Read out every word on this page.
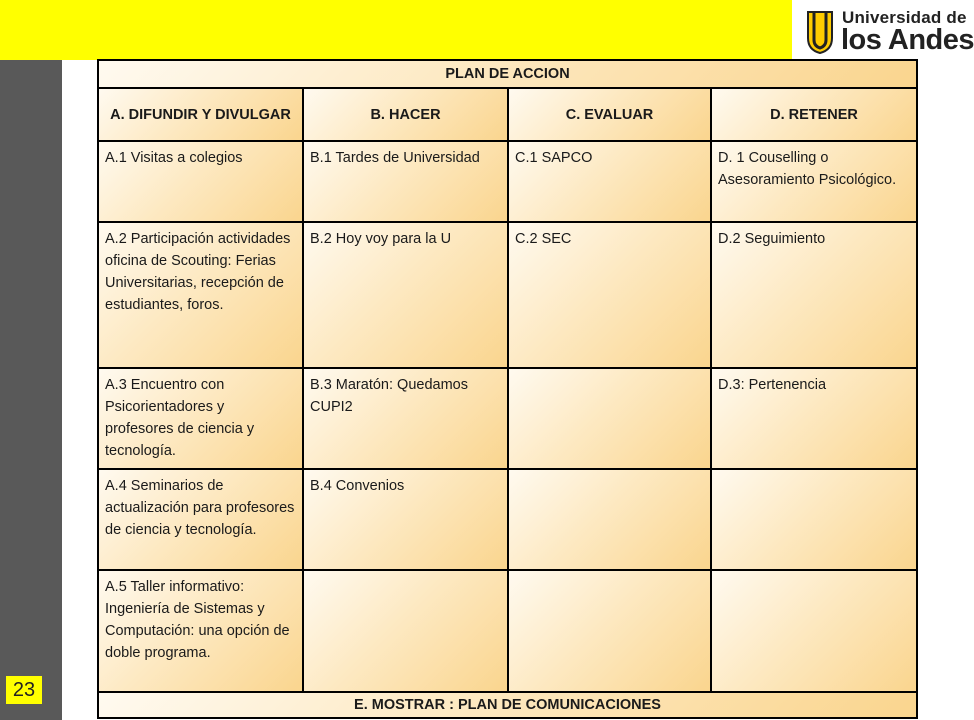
Universidad de
los Andes
23
PLAN DE ACCION			
A. DIFUNDIR Y DIVULGAR	B. HACER	C. EVALUAR	D. RETENER
A.1 Visitas a colegios	B.1 Tardes de Universidad	C.1 SAPCO	D. 1 Couselling o Asesoramiento Psicológico.
A.2 Participación actividades oficina de Scouting: Ferias Universitarias, recepción de estudiantes, foros.	B.2 Hoy voy para la U	C.2 SEC	D.2 Seguimiento
A.3 Encuentro con Psicorientadores y profesores de ciencia y tecnología.	B.3 Maratón: Quedamos CUPI2		D.3: Pertenencia
A.4 Seminarios de actualización para profesores de ciencia y tecnología.	B.4 Convenios		
A.5 Taller informativo: Ingeniería de Sistemas y Computación: una opción de doble programa.			
E. MOSTRAR : PLAN DE COMUNICACIONES			
